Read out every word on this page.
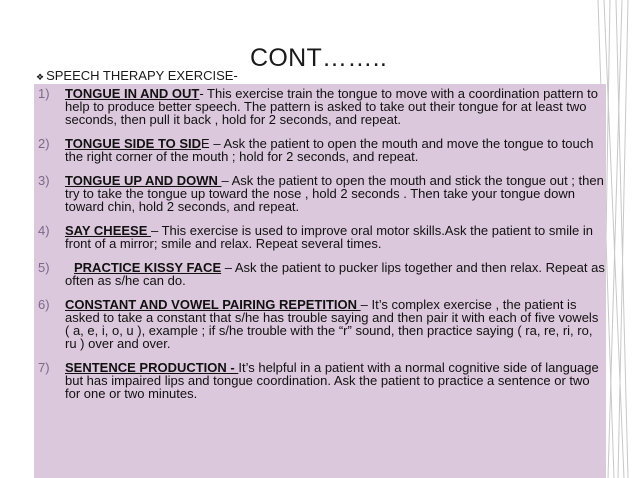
CONT……..
❖ SPEECH THERAPY EXERCISE-
1)	TONGUE IN AND OUT- This exercise train the tongue to move with a coordination pattern to help to produce better speech. The pattern is asked to take out their tongue for at least two seconds, then pull it back , hold for 2 seconds, and repeat.
2)	TONGUE SIDE TO SIDE – Ask the patient to open the mouth and move the tongue to touch the right corner of the mouth ; hold for 2 seconds, and repeat.
3)	TONGUE UP AND DOWN – Ask the patient to open the mouth and stick the tongue out ; then try to take the tongue up toward the nose , hold 2 seconds . Then take your tongue down toward chin, hold 2 seconds, and repeat.
4)	SAY CHEESE – This exercise is used to improve oral motor skills.Ask the patient to smile in front of a mirror; smile and relax. Repeat several times.
5)	PRACTICE KISSY FACE – Ask the patient to pucker lips together and then relax. Repeat as often as s/he can do.
6)	CONSTANT AND VOWEL PAIRING REPETITION – It’s complex exercise , the patient is asked to take a constant that s/he has trouble saying and then pair it with each of five vowels ( a, e, i, o, u ), example ; if s/he trouble with the “r” sound, then practice saying ( ra, re, ri, ro, ru ) over and over.
7)	SENTENCE PRODUCTION - It’s helpful in a patient with a normal cognitive side of language but has impaired lips and tongue coordination. Ask the patient to practice a sentence or two for one or two minutes.
